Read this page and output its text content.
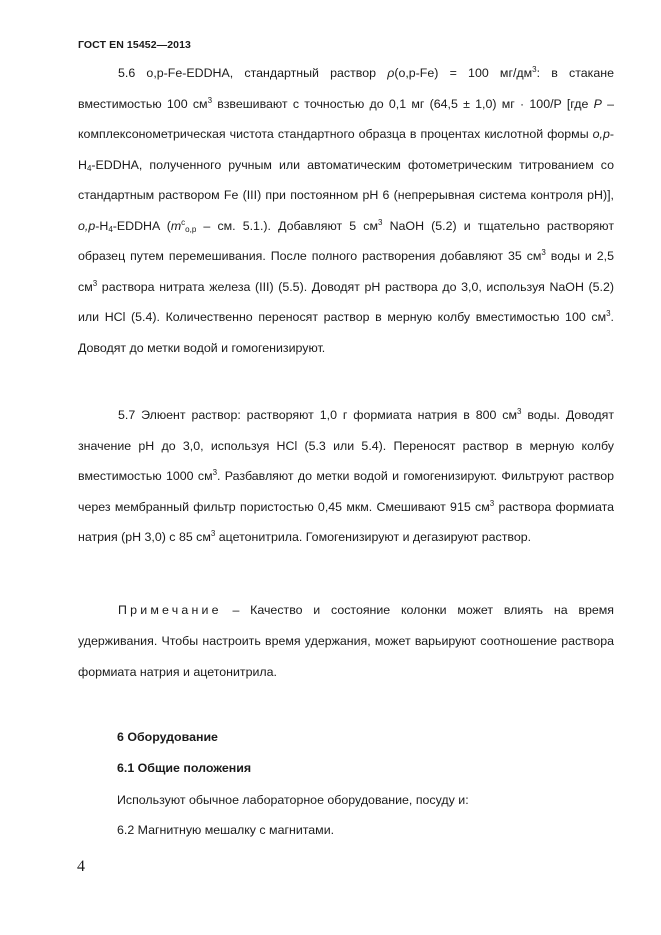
ГОСТ EN 15452—2013
5.6 о,p-Fe-EDDHA, стандартный раствор ρ(о,р-Fe) = 100 $мг/дм^3$: в стакане вместимостью 100 $см^3$ взвешивают с точностью до 0,1 мг (64,5 ± 1,0) мг · 100/P [где P – комплексонометрическая чистота стандартного образца в процентах кислотной формы $о,р-H_4$-EDDHA, полученного ручным или автоматическим фотометрическим титрованием со стандартным раствором Fe (III) при постоянном pH 6 (непрерывная система контроля pH)], $о,р-H_4$-EDDHA ($m^c_{о,р}$ – см. 5.1.). Добавляют 5 $см^3$ NaOH (5.2) и тщательно растворяют образец путем перемешивания. После полного растворения добавляют 35 $см^3$ воды и 2,5 $см^3$ раствора нитрата железа (III) (5.5). Доводят pH раствора до 3,0, используя NaOH (5.2) или HCl (5.4). Количественно переносят раствор в мерную колбу вместимостью 100 $см^3$. Доводят до метки водой и гомогенизируют.
5.7 Элюент раствор: растворяют 1,0 г формиата натрия в 800 $см^3$ воды. Доводят значение pH до 3,0, используя HCl (5.3 или 5.4). Переносят раствор в мерную колбу вместимостью 1000 $см^3$. Разбавляют до метки водой и гомогенизируют. Фильтруют раствор через мембранный фильтр пористостью 0,45 мкм. Смешивают 915 $см^3$ раствора формиата натрия (pH 3,0) с 85 $см^3$ ацетонитрила. Гомогенизируют и дегазируют раствор.
Примечание – Качество и состояние колонки может влиять на время удерживания. Чтобы настроить время удержания, может варьируют соотношение раствора формиата натрия и ацетонитрила.
6 Оборудование
6.1 Общие положения
Используют обычное лабораторное оборудование, посуду и:
6.2 Магнитную мешалку с магнитами.
4
